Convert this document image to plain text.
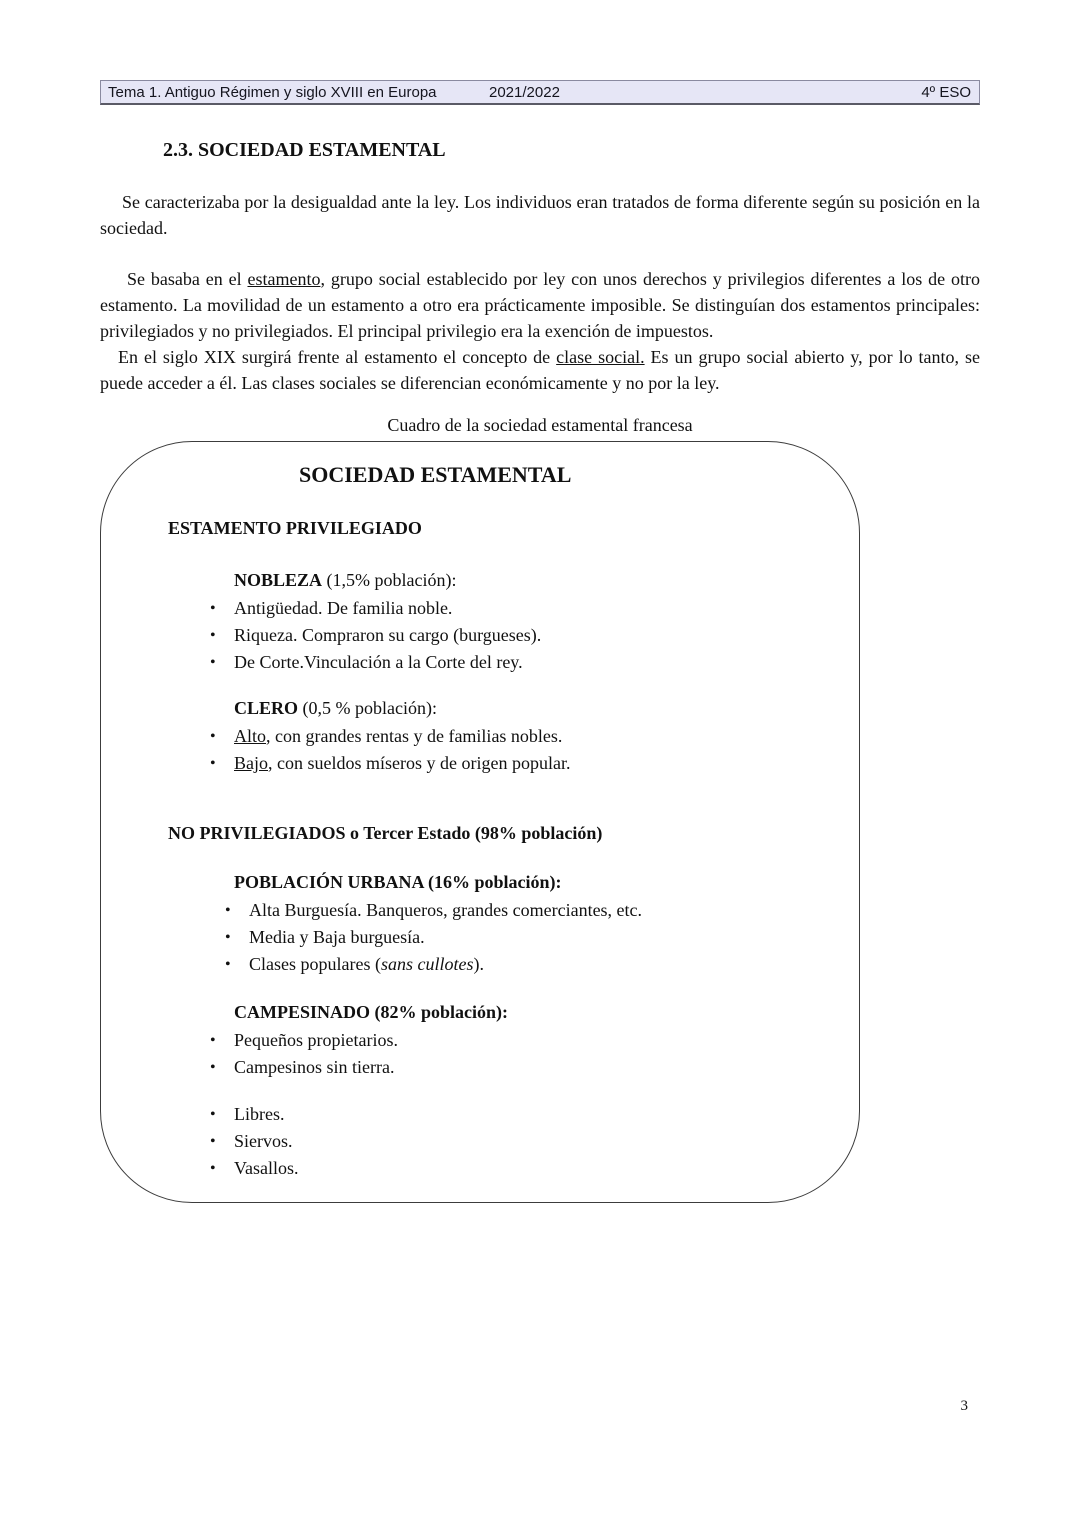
Tema 1. Antiguo Régimen y siglo XVIII en Europa	2021/2022	4º ESO
2.3. SOCIEDAD ESTAMENTAL

Se caracterizaba por la desigualdad ante la ley. Los individuos eran tratados de forma diferente según su posición en la sociedad.

Se basaba en el estamento, grupo social establecido por ley con unos derechos y privilegios diferentes a los de otro estamento. La movilidad de un estamento a otro era prácticamente imposible. Se distinguían dos estamentos principales: privilegiados y no privilegiados. El principal privilegio era la exención de impuestos.

En el siglo XIX surgirá frente al estamento el concepto de clase social. Es un grupo social abierto y, por lo tanto, se puede acceder a él. Las clases sociales se diferencian económicamente y no por la ley.

Cuadro de la sociedad estamental francesa
SOCIEDAD ESTAMENTAL
ESTAMENTO PRIVILEGIADO
NOBLEZA (1,5% población):
• Antigüedad. De familia noble.
• Riqueza. Compraron su cargo (burgueses).
• De Corte.Vinculación a la Corte del rey.
CLERO (0,5 % población):
• Alto, con grandes rentas y de familias nobles.
• Bajo, con sueldos míseros y de origen popular.
NO PRIVILEGIADOS o Tercer Estado (98% población)
POBLACIÓN URBANA (16% población):
• Alta Burguesía. Banqueros, grandes comerciantes, etc.
• Media y Baja burguesía.
• Clases populares (sans cullotes).
CAMPESINADO (82% población):
• Pequeños propietarios.
• Campesinos sin tierra.
• Libres.
• Siervos.
• Vasallos.
3
